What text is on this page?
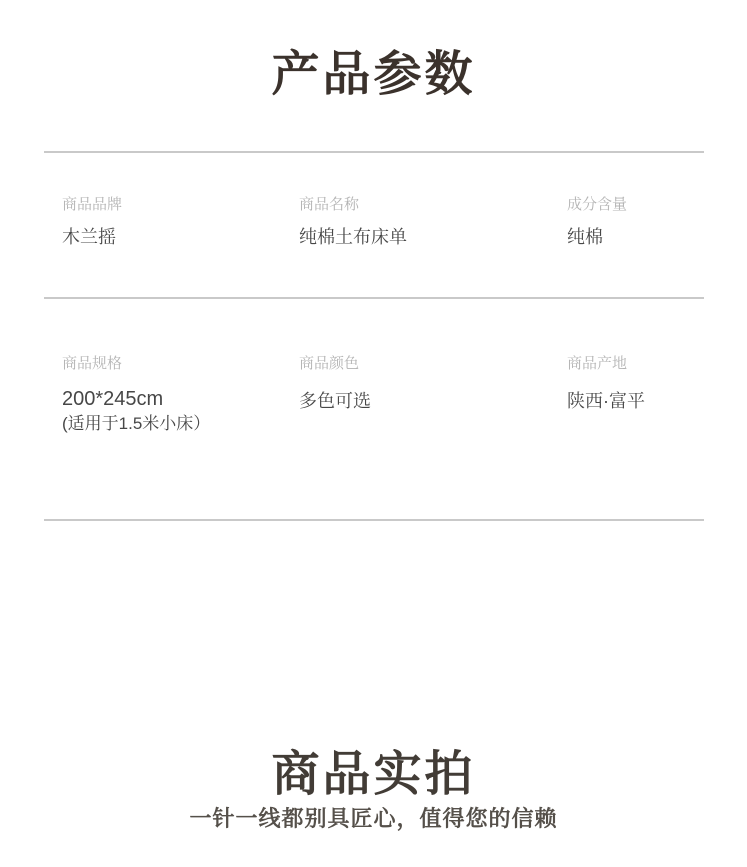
产品参数
商品品牌
木兰摇
商品名称
纯棉土布床单
成分含量
纯棉
商品规格
200*245cm
(适用于1.5米小床）
商品颜色
多色可选
商品产地
陕西·富平
商品实拍
一针一线都别具匠心，值得您的信赖
